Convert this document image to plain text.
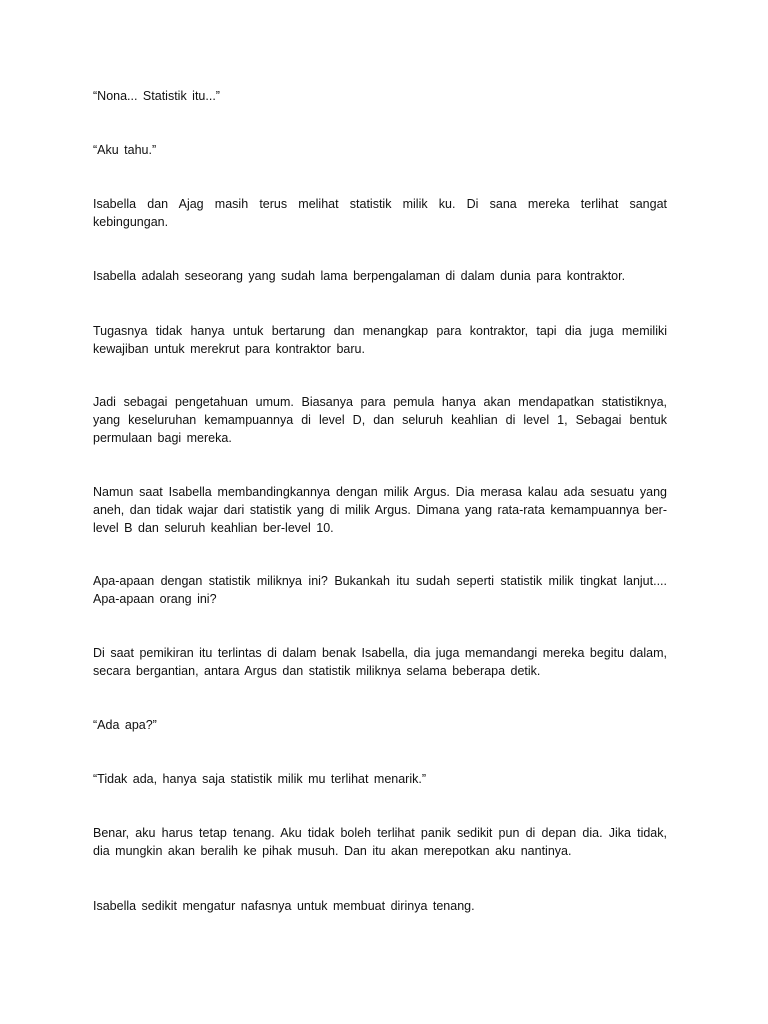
“Nona... Statistik itu...”

“Aku tahu.”

Isabella dan Ajag masih terus melihat statistik milik ku. Di sana mereka terlihat sangat kebingungan.

Isabella adalah seseorang yang sudah lama berpengalaman di dalam dunia para kontraktor.

Tugasnya tidak hanya untuk bertarung dan menangkap para kontraktor, tapi dia juga memiliki kewajiban untuk merekrut para kontraktor baru.

Jadi sebagai pengetahuan umum. Biasanya para pemula hanya akan mendapatkan statistiknya, yang keseluruhan kemampuannya di level D, dan seluruh keahlian di level 1, Sebagai bentuk permulaan bagi mereka.

Namun saat Isabella membandingkannya dengan milik Argus. Dia merasa kalau ada sesuatu yang aneh, dan tidak wajar dari statistik yang di milik Argus. Dimana yang rata-rata kemampuannya ber-level B dan seluruh keahlian ber-level 10.

Apa-apaan dengan statistik miliknya ini? Bukankah itu sudah seperti statistik milik tingkat lanjut.... Apa-apaan orang ini?

Di saat pemikiran itu terlintas di dalam benak Isabella, dia juga memandangi mereka begitu dalam, secara bergantian, antara Argus dan statistik miliknya selama beberapa detik.

“Ada apa?”

“Tidak ada, hanya saja statistik milik mu terlihat menarik.”

Benar, aku harus tetap tenang. Aku tidak boleh terlihat panik sedikit pun di depan dia. Jika tidak, dia mungkin akan beralih ke pihak musuh. Dan itu akan merepotkan aku nantinya.

Isabella sedikit mengatur nafasnya untuk membuat dirinya tenang.
